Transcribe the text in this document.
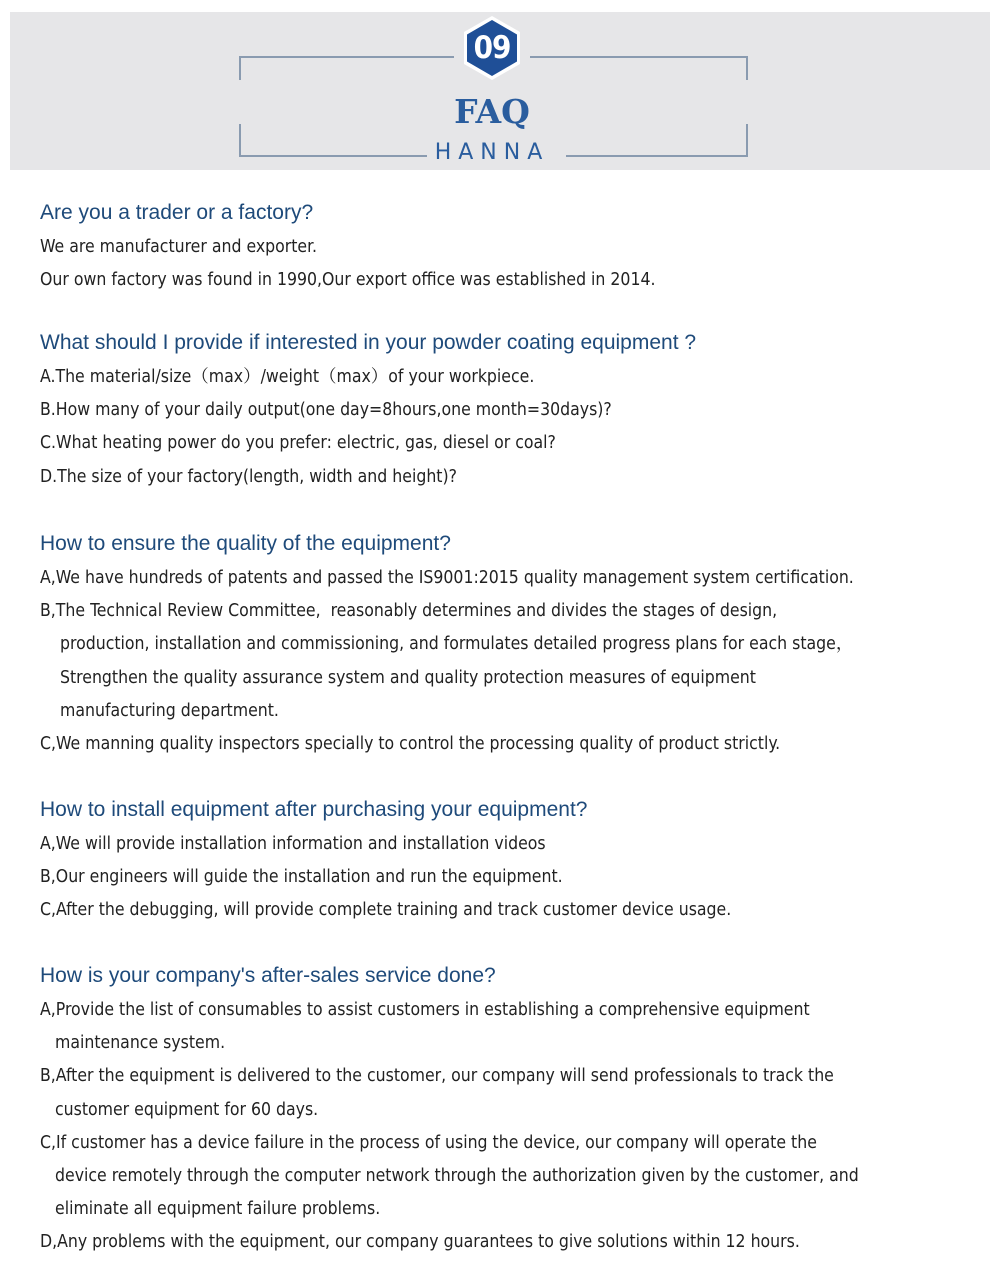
09
FAQ
HANNA

Are you a trader or a factory?

We are manufacturer and exporter.

Our own factory was found in 1990,Our export office was established in 2014.

What should I provide if interested in your powder coating equipment ?

A.The material/size（max）/weight（max）of your workpiece.

B.How many of your daily output(one day=8hours,one month=30days)?

C.What heating power do you prefer: electric, gas, diesel or coal?

D.The size of your factory(length, width and height)?

How to ensure the quality of the equipment?

A,We have hundreds of patents and passed the IS9001:2015 quality management system certification.

B,The Technical Review Committee,  reasonably determines and divides the stages of design,
production, installation and commissioning, and formulates detailed progress plans for each stage，
Strengthen the quality assurance system and quality protection measures of equipment
manufacturing department.

C,We manning quality inspectors specially to control the processing quality of product strictly.

How to install equipment after purchasing your equipment?

A,We will provide installation information and installation videos

B,Our engineers will guide the installation and run the equipment.

C,After the debugging, will provide complete training and track customer device usage.

How is your company's after-sales service done?

A,Provide the list of consumables to assist customers in establishing a comprehensive equipment
maintenance system.

B,After the equipment is delivered to the customer, our company will send professionals to track the
customer equipment for 60 days.

C,If customer has a device failure in the process of using the device, our company will operate the
device remotely through the computer network through the authorization given by the customer, and
eliminate all equipment failure problems.

D,Any problems with the equipment, our company guarantees to give solutions within 12 hours.
